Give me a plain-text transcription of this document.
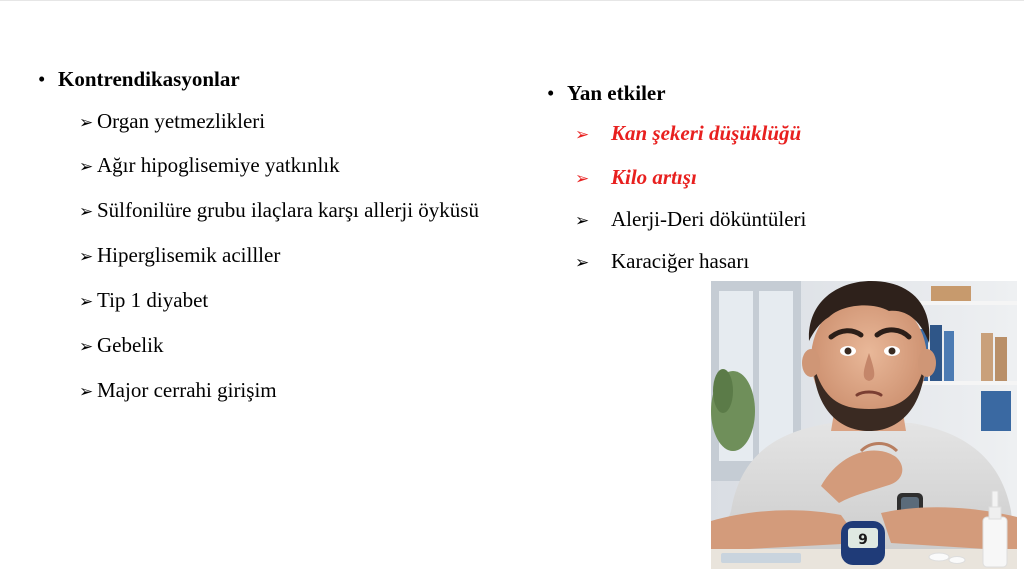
• Kontrendikasyonlar
➢ Organ yetmezlikleri
➢ Ağır hipoglisemiye yatkınlık
➢ Sülfonilüre grubu ilaçlara karşı allerji öyküsü
➢ Hiperglisemik acilller
➢ Tip 1 diyabet
➢ Gebelik
➢ Major cerrahi girişim
• Yan etkiler
➢ Kan şekeri düşüklüğü
➢ Kilo artışı
➢ Alerji-Deri döküntüleri
➢ Karaciğer hasarı
9
